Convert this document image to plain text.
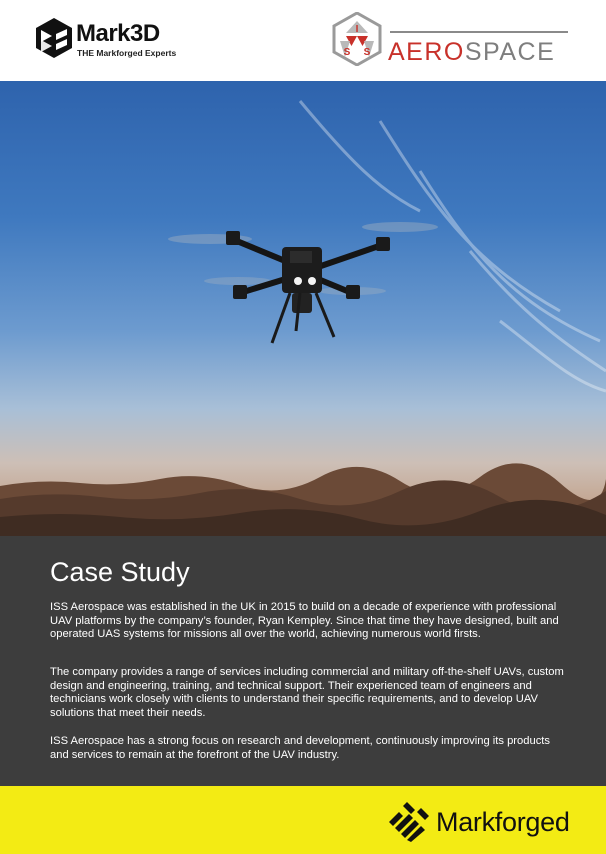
Mark3D
THE Markforged Experts
I
S S AEROSPACE
Case Study

ISS Aerospace was established in the UK in 2015 to build on a decade of experience with professional UAV platforms by the company’s founder, Ryan Kempley. Since that time they have designed, built and operated UAS systems for missions all over the world, achieving numerous world firsts.

The company provides a range of services including commercial and military off-the-shelf UAVs, custom design and engineering, training, and technical support. Their experienced team of engineers and technicians work closely with clients to understand their specific requirements, and to develop UAV solutions that meet their needs.

ISS Aerospace has a strong focus on research and development, continuously improving its products and services to remain at the forefront of the UAV industry.

Markforged
